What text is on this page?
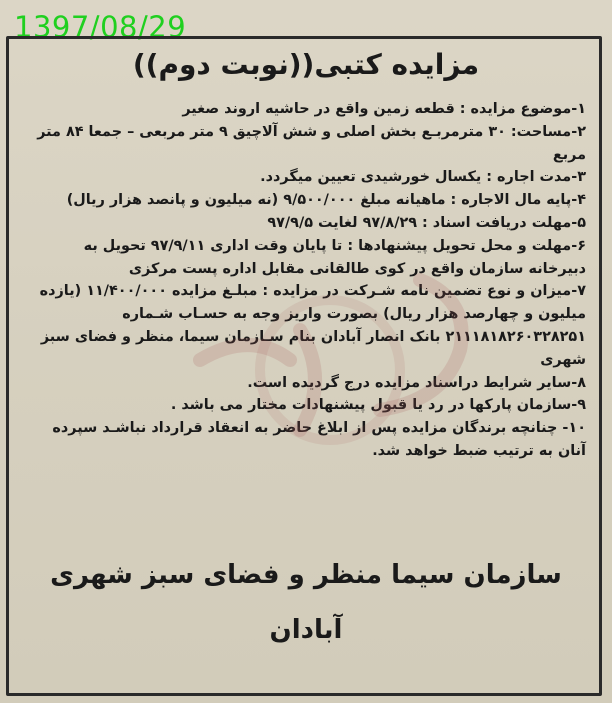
1397/08/29
مزایده کتبی((نوبت دوم))

۱-موضوع مزایده : قطعه زمین واقع در حاشیه اروند صغیر

۲-مساحت: ۳۰ مترمربـع بخش اصلی و شش آلاچیق ۹ متر مربعی – جمعا ۸۴ متر مربع

۳-مدت اجاره : یکسال خورشیدی تعیین میگردد.

۴-پایه مال الاجاره : ماهیانه مبلغ ۹/۵۰۰/۰۰۰ (نه میلیون و پانصد هزار ریال)

۵-مهلت دریافت اسناد : ۹۷/۸/۲۹ لغایت ۹۷/۹/۵

۶-مهلت و محل تحویل پیشنهادها : تا پایان وقت اداری ۹۷/۹/۱۱ تحویل به دبیرخانه سازمان واقع در کوی طالقانی مقابل اداره پست مرکزی

۷-میزان و نوع تضمین نامه شـرکت در مزایده : مبلـغ مزایده ۱۱/۴۰۰/۰۰۰ (یازده میلیون و چهارصد هزار ریال) بصورت واریز وجه به حسـاب شـماره ۲۱۱۱۸۱۸۲۶۰۳۲۸۲۵۱ بانک انصار آبادان بنام سـازمان سیما، منظر و فضای سبز شهری

۸-سایر شرایط دراسناد مزایده درج گردیده است.

۹-سازمان پارکها در رد یا قبول پیشنهادات مختار می باشد .

۱۰- چنانچه برندگان مزایده پس از ابلاغ حاضر به انعقاد قرارداد نباشـد سپرده آنان به ترتیب ضبط خواهد شد.

سازمان سیما منظر و فضای سبز شهری
آبادان
